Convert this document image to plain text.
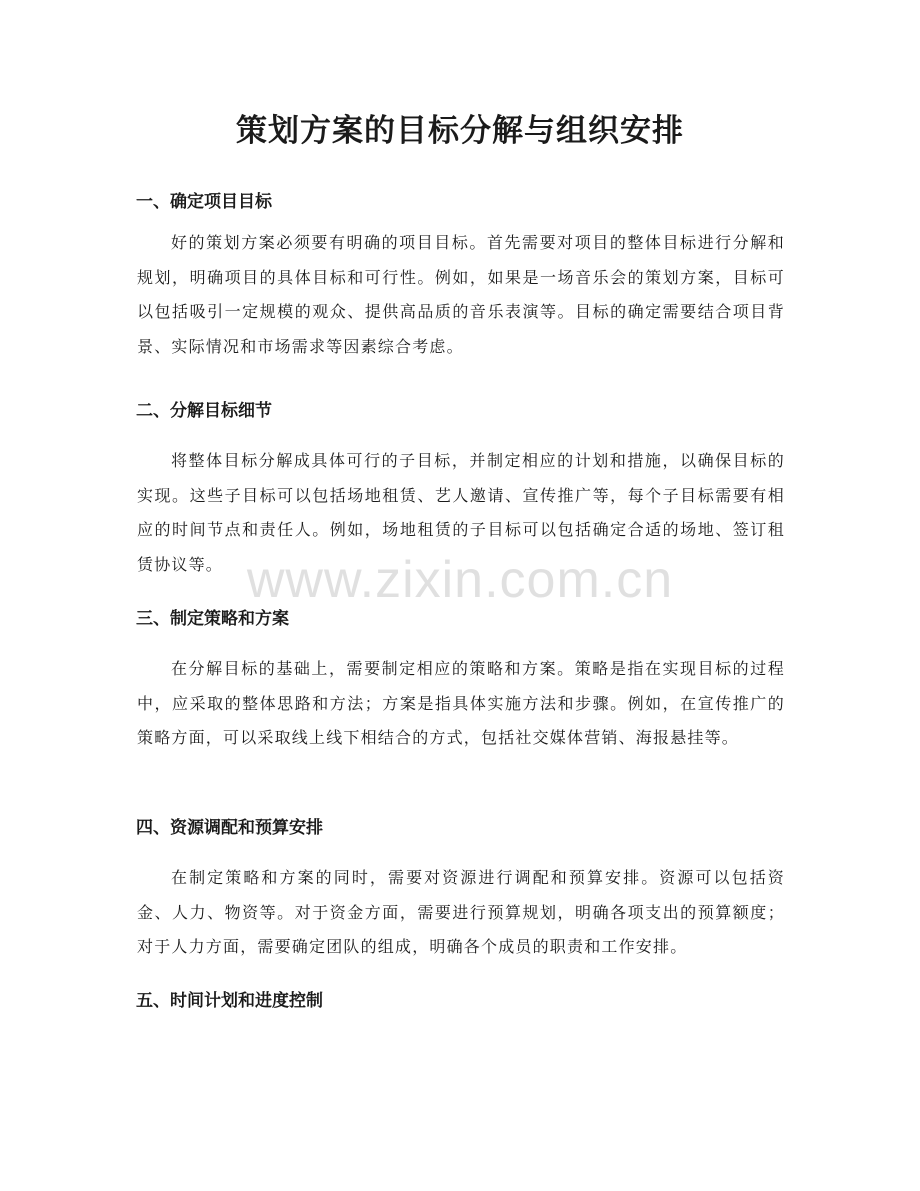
策划方案的目标分解与组织安排
一、确定项目目标

好的策划方案必须要有明确的项目目标。首先需要对项目的整体目标进行分解和规划，明确项目的具体目标和可行性。例如，如果是一场音乐会的策划方案，目标可以包括吸引一定规模的观众、提供高品质的音乐表演等。目标的确定需要结合项目背景、实际情况和市场需求等因素综合考虑。

二、分解目标细节

将整体目标分解成具体可行的子目标，并制定相应的计划和措施，以确保目标的实现。这些子目标可以包括场地租赁、艺人邀请、宣传推广等，每个子目标需要有相应的时间节点和责任人。例如，场地租赁的子目标可以包括确定合适的场地、签订租赁协议等。

三、制定策略和方案

在分解目标的基础上，需要制定相应的策略和方案。策略是指在实现目标的过程中，应采取的整体思路和方法；方案是指具体实施方法和步骤。例如，在宣传推广的策略方面，可以采取线上线下相结合的方式，包括社交媒体营销、海报悬挂等。

四、资源调配和预算安排

在制定策略和方案的同时，需要对资源进行调配和预算安排。资源可以包括资金、人力、物资等。对于资金方面，需要进行预算规划，明确各项支出的预算额度；对于人力方面，需要确定团队的组成，明确各个成员的职责和工作安排。

五、时间计划和进度控制
www.zixin.com.cn
